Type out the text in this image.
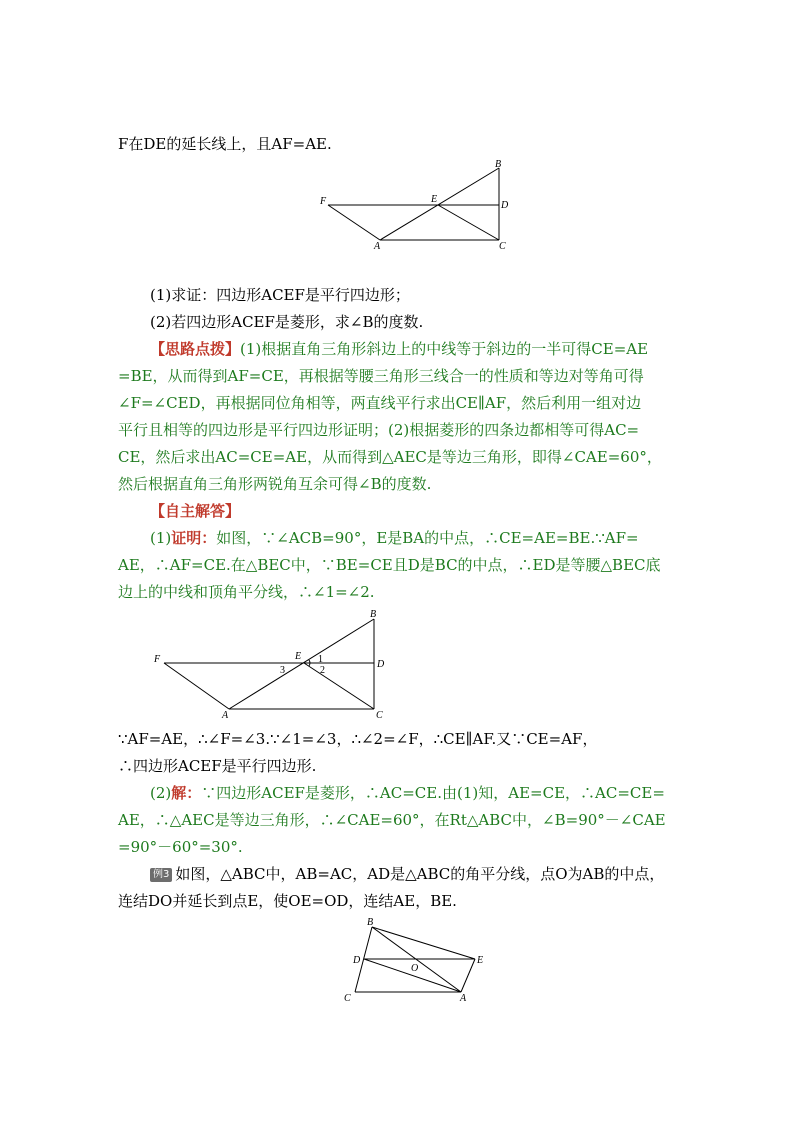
F在DE的延长线上，且AF=AE.
B
F	E
D
A	C
(1)求证：四边形ACEF是平行四边形；
(2)若四边形ACEF是菱形，求∠B的度数.
【思路点拨】(1)根据直角三角形斜边上的中线等于斜边的一半可得CE=AE
=BE，从而得到AF=CE，再根据等腰三角形三线合一的性质和等边对等角可得
∠F=∠CED，再根据同位角相等，两直线平行求出CE∥AF，然后利用一组对边
平行且相等的四边形是平行四边形证明；(2)根据菱形的四条边都相等可得AC=
CE，然后求出AC=CE=AE，从而得到△AEC是等边三角形，即得∠CAE=60°，
然后根据直角三角形两锐角互余可得∠B的度数.
【自主解答】
(1)证明：如图，∵∠ACB=90°，E是BA的中点，∴CE=AE=BE.∵AF=
AE，∴AF=CE.在△BEC中，∵BE=CE且D是BC的中点，∴ED是等腰△BEC底
边上的中线和顶角平分线，∴∠1=∠2.
B
F	E
D
A	C
1
2
3
∵AF=AE，∴∠F=∠3.∵∠1=∠3，∴∠2=∠F，∴CE∥AF.又∵CE=AF，
∴四边形ACEF是平行四边形.
(2)解：∵四边形ACEF是菱形，∴AC=CE.由(1)知，AE=CE，∴AC=CE=
AE，∴△AEC是等边三角形，∴∠CAE=60°，在Rt△ABC中，∠B=90°－∠CAE
=90°－60°=30°.
例3 如图，△ABC中，AB=AC，AD是△ABC的角平分线，点O为AB的中点，
连结DO并延长到点E，使OE=OD，连结AE，BE.
B
D
O
E
C	A
